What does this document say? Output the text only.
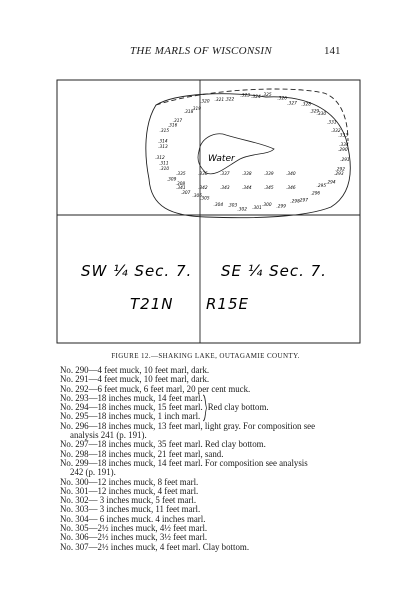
THE MARLS OF WISCONSIN	141
Water
SW ¼ Sec. 7. SE ¼ Sec. 7.
T21N R15E
.290
.291
.292
.293
.294
.295
.296
.297
.298
.299
.300
.301
.302
.303
.304
.305
.306
.307
.308
.309
.310
.311
.312
.313
.314
.315
.316
.317
.318
.319
.320 .321 .322
.323 .324 .325
.326
.327 .328
.329
.330
.331
.332
.333
.334
.335	.336	.337	.338	.339	.340
.341	.342	.343	.344	.345	.346
FIGURE 12.—SHAKING LAKE, OUTAGAMIE COUNTY.
No. 290—4 feet muck, 10 feet marl, dark.
No. 291—4 feet muck, 10 feet marl, dark.
No. 292—6 feet muck, 6 feet marl, 20 per cent muck.
No. 293—18 inches muck, 14 feet marl.
No. 294—18 inches muck, 15 feet marl.
No. 295—18 inches muck, 1 inch marl.
Red clay bottom.
No. 296—18 inches muck, 13 feet marl, light gray. For composition see
analysis 241 (p. 191).
No. 297—18 inches muck, 35 feet marl. Red clay bottom.
No. 298—18 inches muck, 21 feet marl, sand.
No. 299—18 inches muck, 14 feet marl. For composition see analysis
242 (p. 191).
No. 300—12 inches muck, 8 feet marl.
No. 301—12 inches muck, 4 feet marl.
No. 302— 3 inches muck, 5 feet marl.
No. 303— 3 inches muck, 11 feet marl.
No. 304— 6 inches muck. 4 inches marl.
No. 305—2½ inches muck, 4½ feet marl.
No. 306—2½ inches muck, 3½ feet marl.
No. 307—2½ inches muck, 4 feet marl. Clay bottom.
